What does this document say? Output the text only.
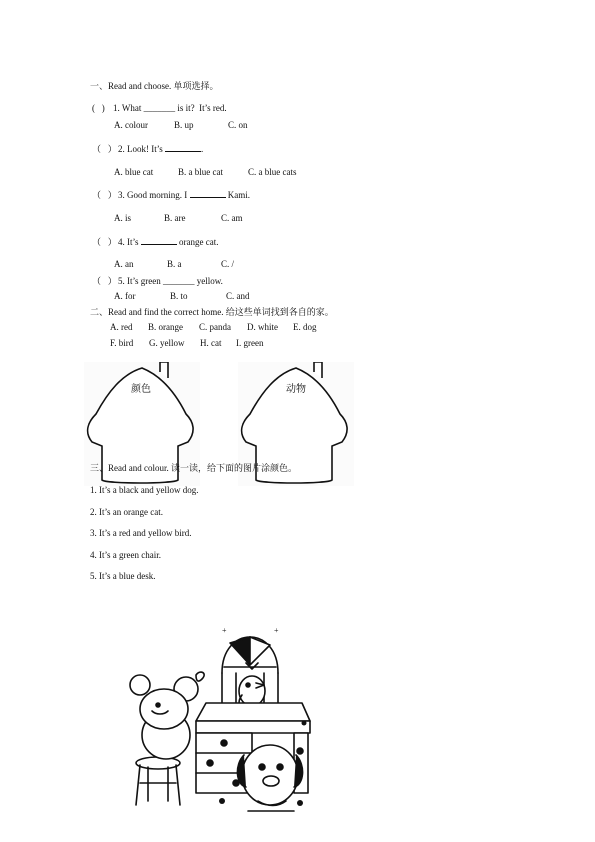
一、Read and choose. 单项选择。
(   ) 1. What _______ is it?  It’s red.
A. colour	B. up	C. on
（   ） 2. Look! It’s	.
A. blue cat	B. a blue cat	C. a blue cats
（   ） 3. Good morning. I	Kami.
A. is	B. are	C. am
（   ） 4. It’s	orange cat.
A. an	B. a	C. /
（   ） 5. It’s green _______ yellow.
A. for	B. to	C. and
二、Read and find the correct home. 给这些单词找到各自的家。
A. red B. orange C. panda D. white E. dog
F. bird G. yellow H. cat I. green
颜色	动物
三、Read and colour. 读一读，给下面的图片涂颜色。
1. It’s a black and yellow dog.
2. It’s an orange cat.
3. It’s a red and yellow bird.
4. It’s a green chair.
5. It’s a blue desk.
+	+
